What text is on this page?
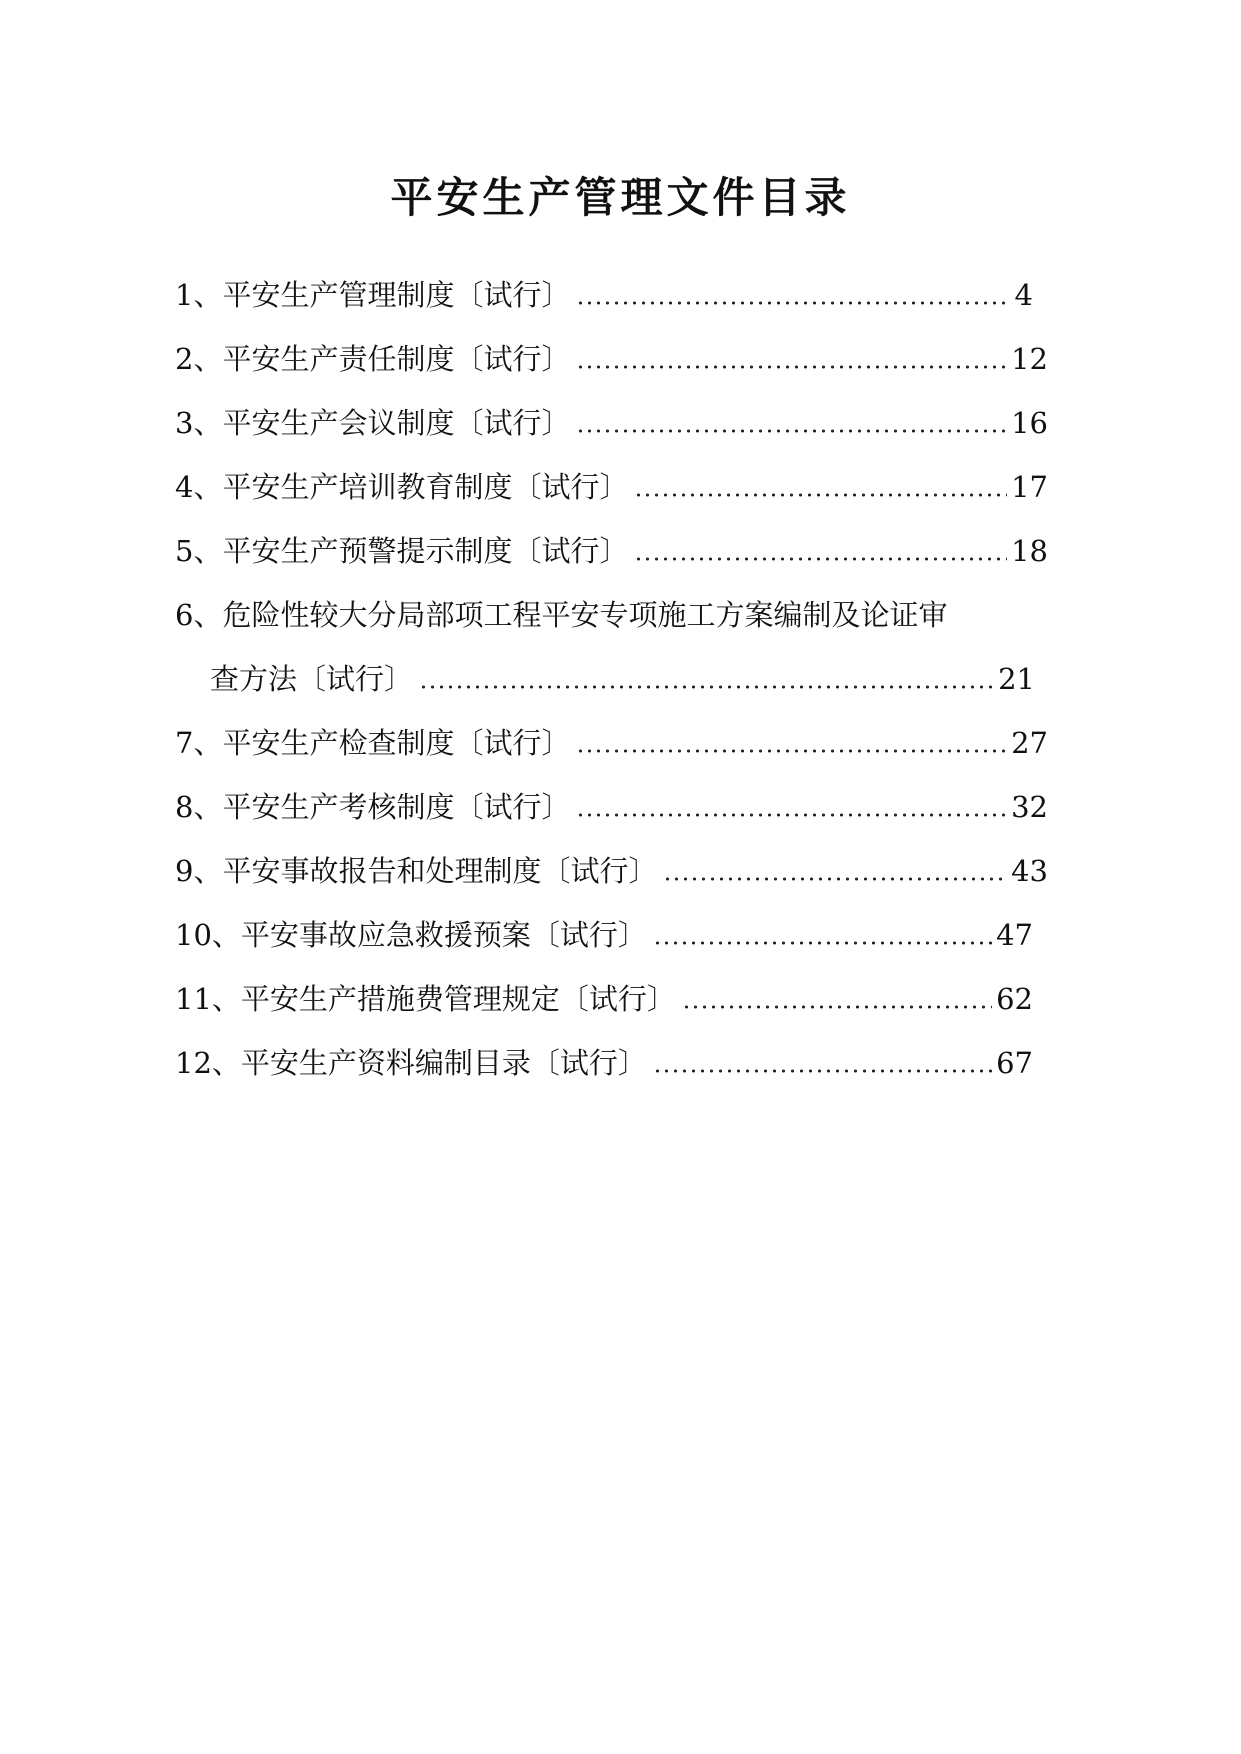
平安生产管理文件目录
1、平安生产管理制度〔试行〕	4
2、平安生产责任制度〔试行〕	12
3、平安生产会议制度〔试行〕	16
4、平安生产培训教育制度〔试行〕	17
5、平安生产预警提示制度〔试行〕	18
6、危险性较大分局部项工程平安专项施工方案编制及论证审
查方法〔试行〕	21
7、平安生产检查制度〔试行〕	27
8、平安生产考核制度〔试行〕	32
9、平安事故报告和处理制度〔试行〕	43
10、平安事故应急救援预案〔试行〕	47
11、平安生产措施费管理规定〔试行〕	62
12、平安生产资料编制目录〔试行〕	67
